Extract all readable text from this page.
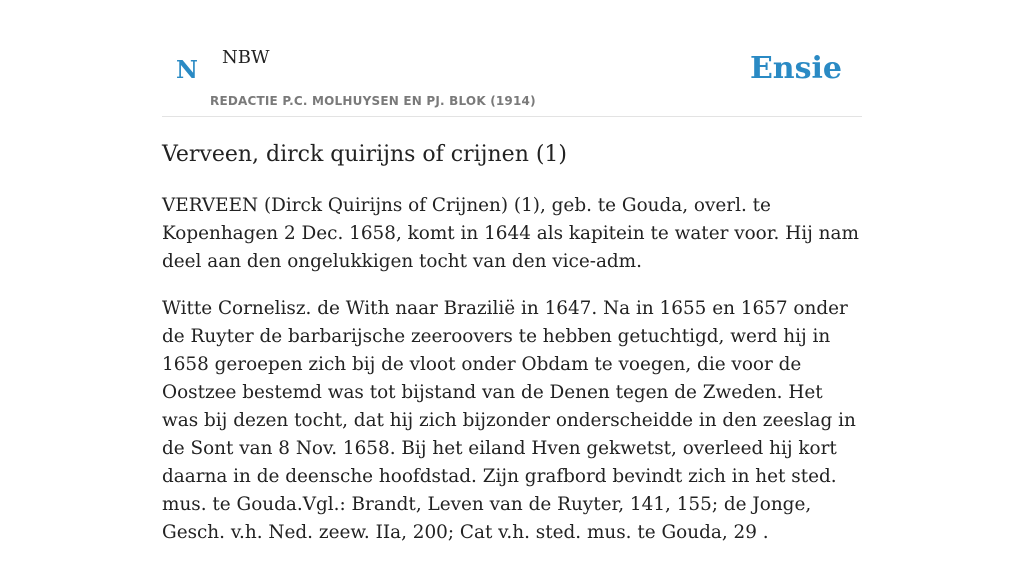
N NBW
REDACTIE P.C. MOLHUYSEN EN PJ. BLOK (1914)
Ensie
Verveen, dirck quirijns of crijnen (1)

VERVEEN (Dirck Quirijns of Crijnen) (1), geb. te Gouda, overl. te Kopenhagen 2 Dec. 1658, komt in 1644 als kapitein te water voor. Hij nam deel aan den ongelukkigen tocht van den vice-adm.

Witte Cornelisz. de With naar Brazilië in 1647. Na in 1655 en 1657 onder de Ruyter de barbarijsche zeeroovers te hebben getuchtigd, werd hij in 1658 geroepen zich bij de vloot onder Obdam te voegen, die voor de Oostzee bestemd was tot bijstand van de Denen tegen de Zweden. Het was bij dezen tocht, dat hij zich bijzonder onderscheidde in den zeeslag in de Sont van 8 Nov. 1658. Bij het eiland Hven gekwetst, overleed hij kort daarna in de deensche hoofdstad. Zijn grafbord bevindt zich in het sted. mus. te Gouda.Vgl.: Brandt, Leven van de Ruyter, 141, 155; de Jonge, Gesch. v.h. Ned. zeew. IIa, 200; Cat v.h. sted. mus. te Gouda, 29 .
